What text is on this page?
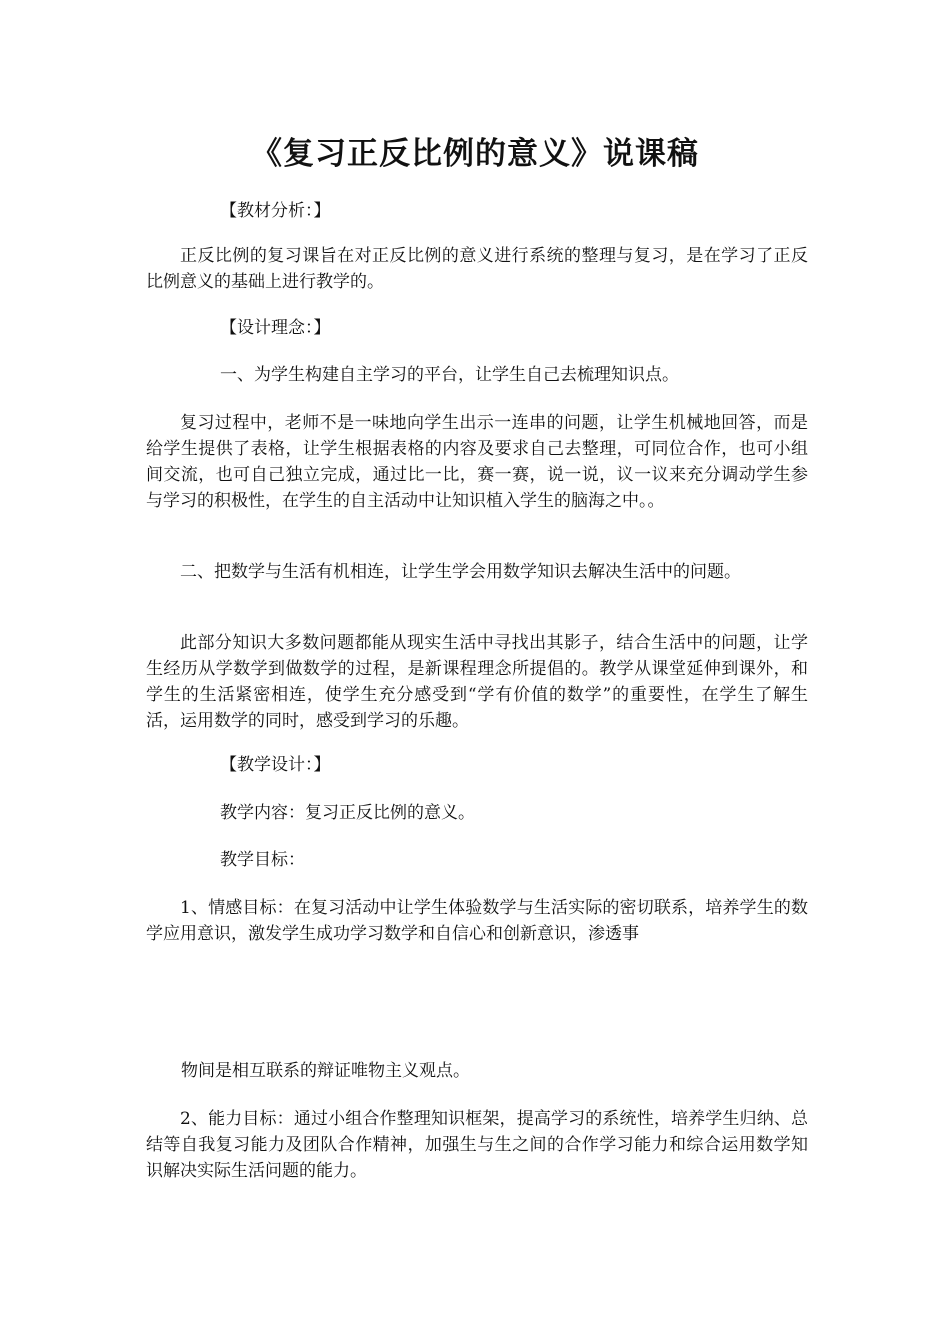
《复习正反比例的意义》说课稿

【教材分析：】

正反比例的复习课旨在对正反比例的意义进行系统的整理与复习，是在学习了正反比例意义的基础上进行教学的。

【设计理念：】

一、为学生构建自主学习的平台，让学生自己去梳理知识点。

复习过程中，老师不是一味地向学生出示一连串的问题，让学生机械地回答，而是给学生提供了表格，让学生根据表格的内容及要求自己去整理，可同位合作，也可小组间交流，也可自己独立完成，通过比一比，赛一赛，说一说，议一议来充分调动学生参与学习的积极性，在学生的自主活动中让知识植入学生的脑海之中。。

二、把数学与生活有机相连，让学生学会用数学知识去解决生活中的问题。

此部分知识大多数问题都能从现实生活中寻找出其影子，结合生活中的问题，让学生经历从学数学到做数学的过程，是新课程理念所提倡的。教学从课堂延伸到课外，和学生的生活紧密相连，使学生充分感受到“学有价值的数学”的重要性，在学生了解生活，运用数学的同时，感受到学习的乐趣。

【教学设计：】

教学内容：复习正反比例的意义。

教学目标：

1、情感目标：在复习活动中让学生体验数学与生活实际的密切联系，培养学生的数学应用意识，激发学生成功学习数学和自信心和创新意识，渗透事

物间是相互联系的辩证唯物主义观点。

2、能力目标：通过小组合作整理知识框架，提高学习的系统性，培养学生归纳、总结等自我复习能力及团队合作精神，加强生与生之间的合作学习能力和综合运用数学知识解决实际生活问题的能力。
